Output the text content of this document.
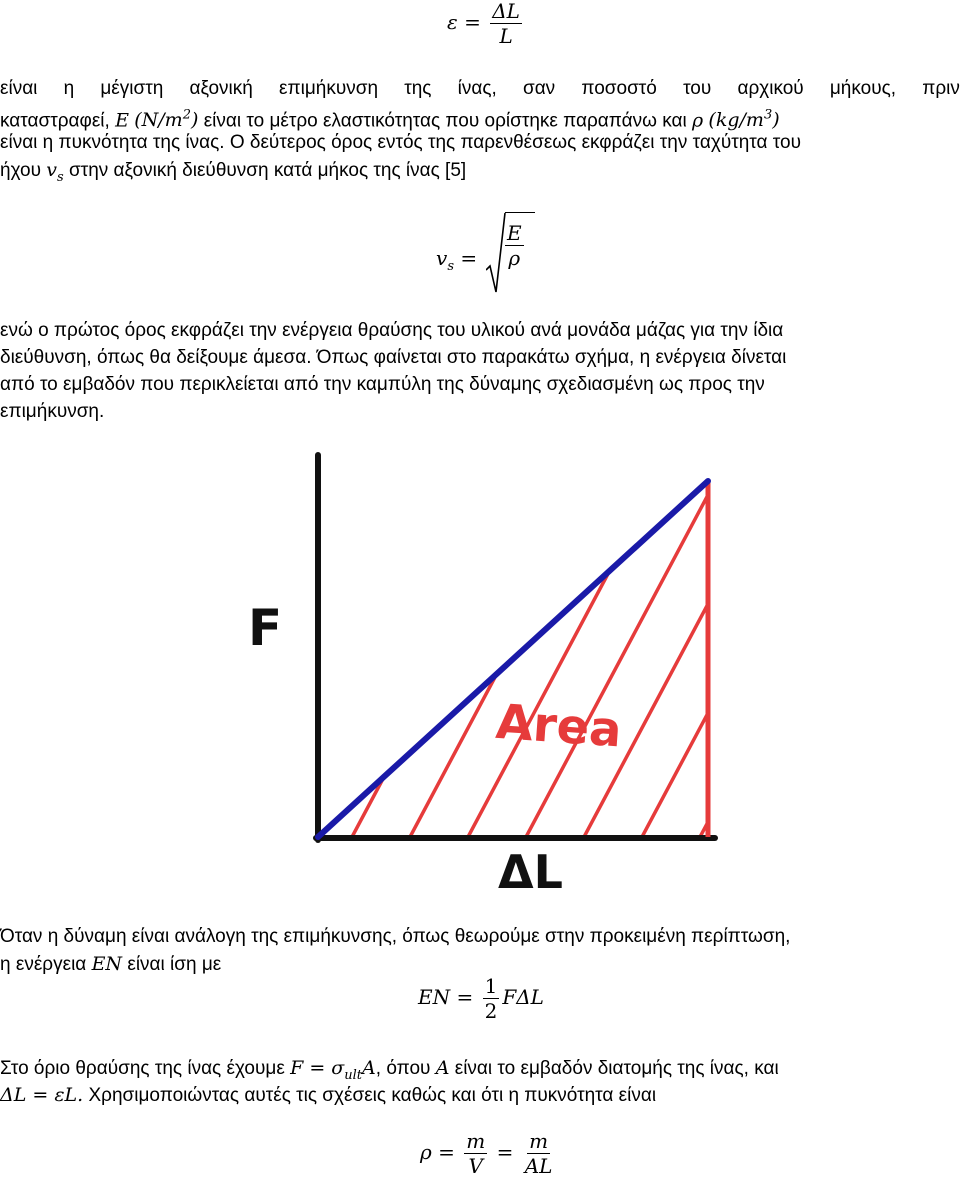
$\varepsilon = \frac{\Delta L}{L}$
είναι η μέγιστη αξονική επιμήκυνση της ίνας, σαν ποσοστό του αρχικού μήκους, πριν
καταστραφεί, E $(N/m^2)$ είναι το μέτρο ελαστικότητας που ορίστηκε παραπάνω και ρ $(kg/m^3)$
είναι η πυκνότητα της ίνας. Ο δεύτερος όρος εντός της παρενθέσεως εκφράζει την ταχύτητα του
ήχου $v_s$ στην αξονική διεύθυνση κατά μήκος της ίνας [5]
$v_s = \frac{E}{\rho}$
ενώ ο πρώτος όρος εκφράζει την ενέργεια θραύσης του υλικού ανά μονάδα μάζας για την ίδια
διεύθυνση, όπως θα δείξουμε άμεσα. Όπως φαίνεται στο παρακάτω σχήμα, η ενέργεια δίνεται
από το εμβαδόν που περικλείεται από την καμπύλη της δύναμης σχεδιασμένη ως προς την
επιμήκυνση.
F
ΔL
Area
Όταν η δύναμη είναι ανάλογη της επιμήκυνσης, όπως θεωρούμε στην προκειμένη περίπτωση,
η ενέργεια EN είναι ίση με
EN = $\frac{1}{2}$ FΔL
Στο όριο θραύσης της ίνας έχουμε $F = \sigma_{ult}A$, όπου A είναι το εμβαδόν διατομής της ίνας, και
ΔL = εL. Χρησιμοποιώντας αυτές τις σχέσεις καθώς και ότι η πυκνότητα είναι
$\rho = \frac{m}{V} = \frac{m}{AL}$
